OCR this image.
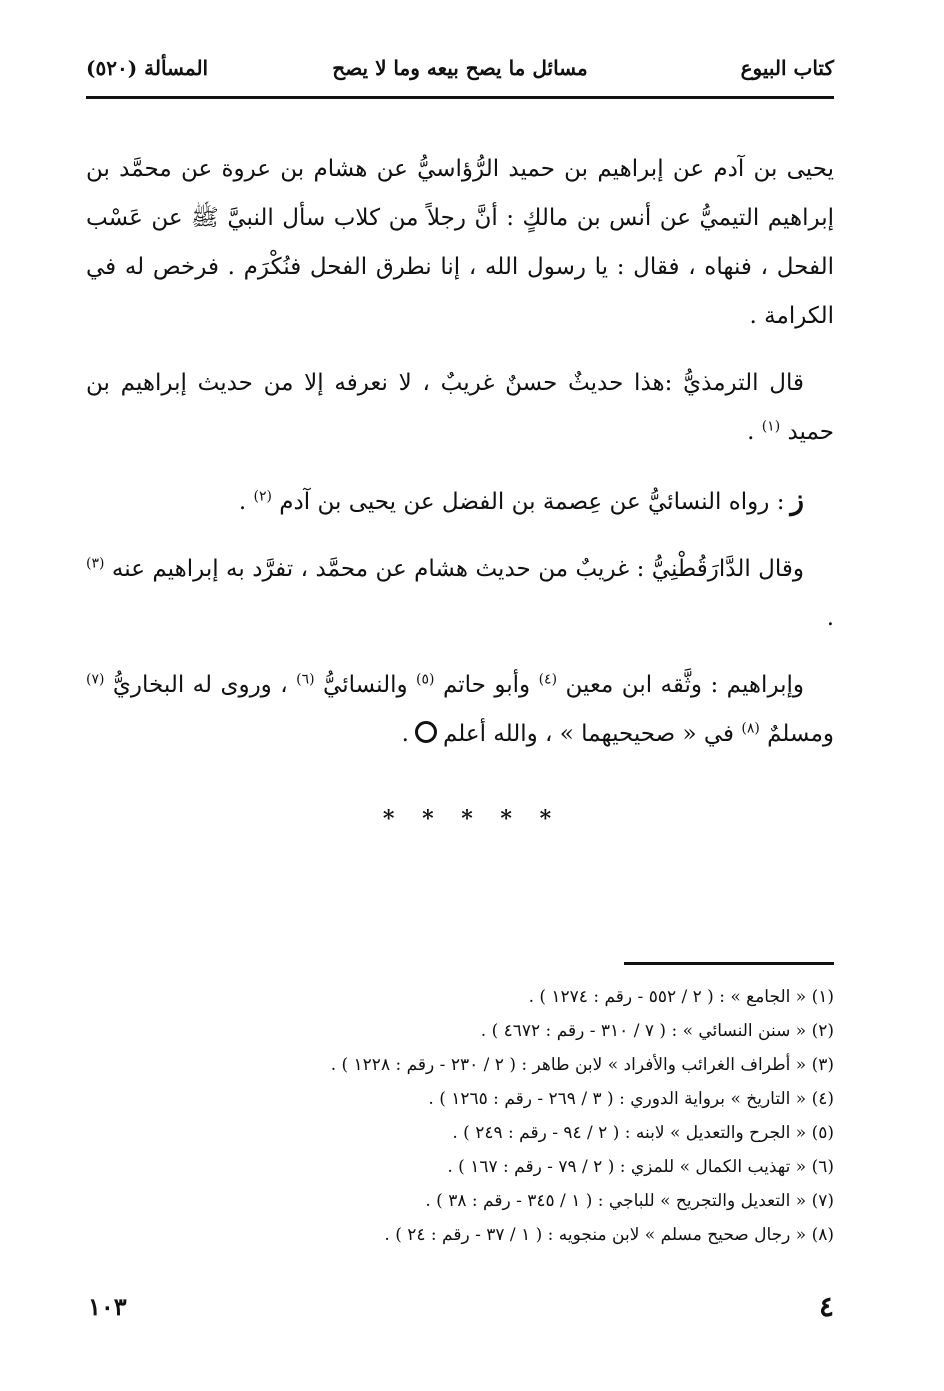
كتاب البيوع
مسائل ما يصح بيعه وما لا يصح
المسألة (٥٢٠)

يحيى بن آدم عن إبراهيم بن حميد الرُّؤاسيُّ عن هشام بن عروة عن محمَّد بن إبراهيم التيميُّ عن أنس بن مالكٍ : أنَّ رجلاً من كلاب سأل النبيَّ ﷺ عن عَسْب الفحل ، فنهاه ، فقال : يا رسول الله ، إنا نطرق الفحل فنُكْرَم . فرخص له في الكرامة .

قال الترمذيُّ :هذا حديثٌ حسنٌ غريبٌ ، لا نعرفه إلا من حديث إبراهيم بن حميد $^{(١)}$ .

ز: رواه النسائيُّ عن عِصمة بن الفضل عن يحيى بن آدم $^{(٢)}$ .

وقال الدَّارَقُطْنِيُّ : غريبٌ من حديث هشام عن محمَّد ، تفرَّد به إبراهيم عنه $^{(٣)}$ .

وإبراهيم : وثَّقه ابن معين $^{(٤)}$ وأبو حاتم $^{(٥)}$ والنسائيُّ $^{(٦)}$ ، وروى له البخاريُّ $^{(٧)}$ ومسلمٌ $^{(٨)}$ في « صحيحيهما » ، والله أعلم.

* * * * *
(١) « الجامع » : ( ٢ / ٥٥٢ - رقم : ١٢٧٤ ) .
(٢) « سنن النسائي » : ( ٧ / ٣١٠ - رقم : ٤٦٧٢ ) .
(٣) « أطراف الغرائب والأفراد » لابن طاهر : ( ٢ / ٢٣٠ - رقم : ١٢٢٨ ) .
(٤) « التاريخ » برواية الدوري : ( ٣ / ٢٦٩ - رقم : ١٢٦٥ ) .
(٥) « الجرح والتعديل » لابنه : ( ٢ / ٩٤ - رقم : ٢٤٩ ) .
(٦) « تهذيب الكمال » للمزي : ( ٢ / ٧٩ - رقم : ١٦٧ ) .
(٧) « التعديل والتجريح » للباجي : ( ١ / ٣٤٥ - رقم : ٣٨ ) .
(٨) « رجال صحيح مسلم » لابن منجويه : ( ١ / ٣٧ - رقم : ٢٤ ) .
٤
١٠٣
